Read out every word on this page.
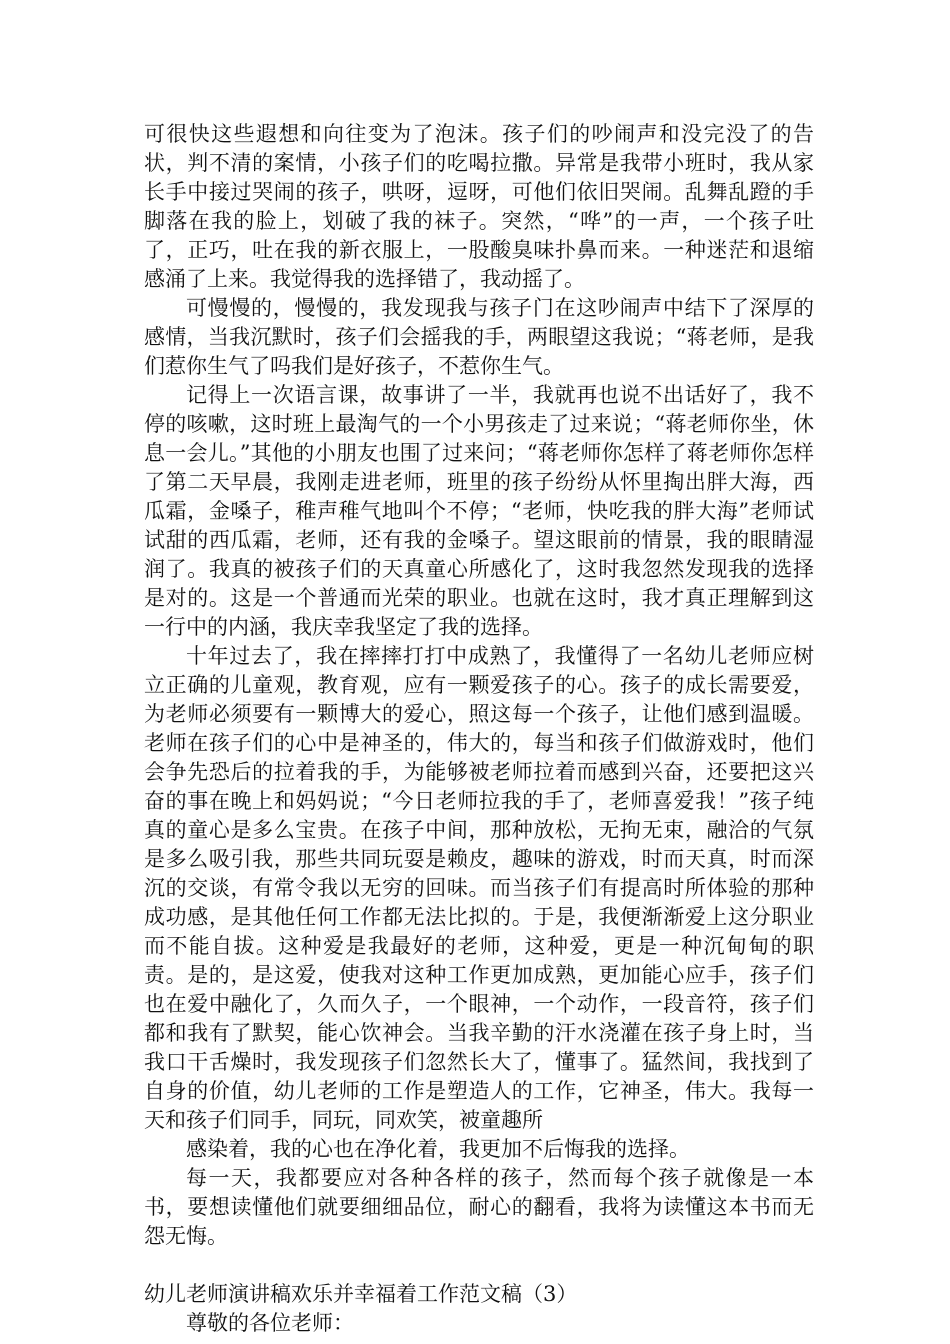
可很快这些遐想和向往变为了泡沫。孩子们的吵闹声和没完没了的告状，判不清的案情，小孩子们的吃喝拉撒。异常是我带小班时，我从家长手中接过哭闹的孩子，哄呀，逗呀，可他们依旧哭闹。乱舞乱蹬的手脚落在我的脸上，划破了我的袜子。突然，“哗”的一声，一个孩子吐了，正巧，吐在我的新衣服上，一股酸臭味扑鼻而来。一种迷茫和退缩感涌了上来。我觉得我的选择错了，我动摇了。

可慢慢的，慢慢的，我发现我与孩子门在这吵闹声中结下了深厚的感情，当我沉默时，孩子们会摇我的手，两眼望这我说；“蒋老师，是我们惹你生气了吗我们是好孩子，不惹你生气。

记得上一次语言课，故事讲了一半，我就再也说不出话好了，我不停的咳嗽，这时班上最淘气的一个小男孩走了过来说；“蒋老师你坐，休息一会儿。”其他的小朋友也围了过来问；“蒋老师你怎样了蒋老师你怎样了第二天早晨，我刚走进老师，班里的孩子纷纷从怀里掏出胖大海，西瓜霜，金嗓子，稚声稚气地叫个不停；“老师，快吃我的胖大海”老师试试甜的西瓜霜，老师，还有我的金嗓子。望这眼前的情景，我的眼睛湿润了。我真的被孩子们的天真童心所感化了，这时我忽然发现我的选择是对的。这是一个普通而光荣的职业。也就在这时，我才真正理解到这一行中的内涵，我庆幸我坚定了我的选择。

十年过去了，我在摔摔打打中成熟了，我懂得了一名幼儿老师应树立正确的儿童观，教育观，应有一颗爱孩子的心。孩子的成长需要爱，为老师必须要有一颗博大的爱心，照这每一个孩子，让他们感到温暖。老师在孩子们的心中是神圣的，伟大的，每当和孩子们做游戏时，他们会争先恐后的拉着我的手，为能够被老师拉着而感到兴奋，还要把这兴奋的事在晚上和妈妈说；“今日老师拉我的手了，老师喜爱我！”孩子纯真的童心是多么宝贵。在孩子中间，那种放松，无拘无束，融洽的气氛是多么吸引我，那些共同玩耍是赖皮，趣味的游戏，时而天真，时而深沉的交谈，有常令我以无穷的回味。而当孩子们有提高时所体验的那种成功感，是其他任何工作都无法比拟的。于是，我便渐渐爱上这分职业而不能自拔。这种爱是我最好的老师，这种爱，更是一种沉甸甸的职责。是的，是这爱，使我对这种工作更加成熟，更加能心应手，孩子们也在爱中融化了，久而久子，一个眼神，一个动作，一段音符，孩子们都和我有了默契，能心饮神会。当我辛勤的汗水浇灌在孩子身上时，当我口干舌燥时，我发现孩子们忽然长大了，懂事了。猛然间，我找到了自身的价值，幼儿老师的工作是塑造人的工作，它神圣，伟大。我每一天和孩子们同手，同玩，同欢笑，被童趣所

感染着，我的心也在净化着，我更加不后悔我的选择。

每一天，我都要应对各种各样的孩子，然而每个孩子就像是一本书，要想读懂他们就要细细品位，耐心的翻看，我将为读懂这本书而无怨无悔。

幼儿老师演讲稿欢乐并幸福着工作范文稿（3）

尊敬的各位老师：
